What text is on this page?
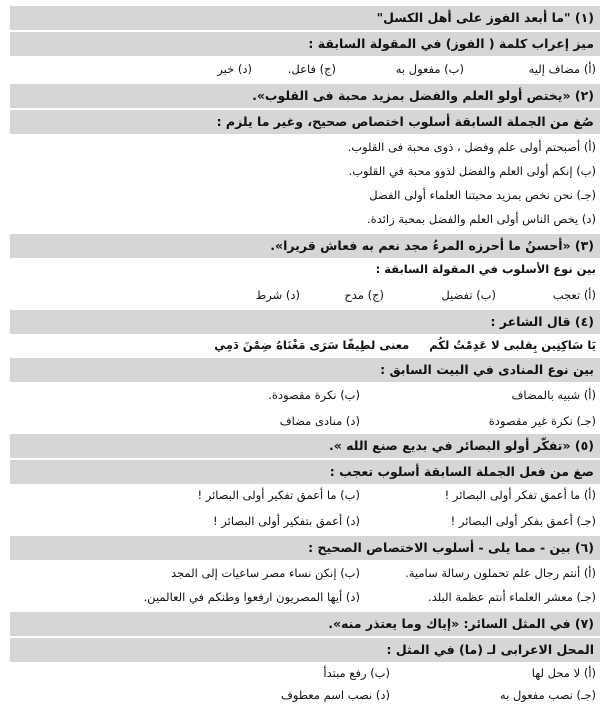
(١) "ما أبعد الفوز على أهل الكسل"
ميز إعراب كلمة ( الفوز) في المقولة السابقة :
(أ) مضاف إليه
(ب) مفعول به
(ج) فاعل.
(د) خبر
(٢) «يختص أولو العلم والفضل بمزيد محبة فى القلوب».
صُغ من الجملة السابقة أسلوب اختصاص صحيح، وغير ما يلزم :
(أ) أصبحتم أولى علم وفضل ، ذوى محبة فى القلوب.
(ب) إنكم أولى العلم والفضل لذوو محبة في القلوب.
(جـ) نحن نخص بمزيد محبتنا العلماء أولى الفضل
(د) يخص الناس أولى العلم والفضل بمحبة زائدة.
(٣) «أحسنُ ما أحرزه المرءُ مجد نعم به فعاش قريرا».
بين نوع الأسلوب في المقولة السابقة :
(أ) تعجب
(ب) تفضيل
(ج) مدح
(د) شرط
(٤) قال الشاعر :
يَا سَاكِنِين بِقلبى لا عَدِمْتُ لكُم     معنى لطِيفًا سَرَى مَغْنَاهُ ضِمْنَ دَمِي
بين نوع المنادى في البيت السابق :
(أ) شبيه بالمضاف
(ب) نكرة مقصودة.
(جـ) نكرة غير مقصودة
(د) منادى مضاف
(٥) «تفكّر أولو البصائر في بديع صنع الله ».
صغ من فعل الجملة السابقة أسلوب تعجب :
(أ) ما أعمق تفكر أولى البصائر !
(ب) ما أعمق تفكير أولى البصائر !
(جـ) أعمق بفكر أولى البصائر !
(د) أعمق بتفكير أولى البصائر !
(٦) بين - مما يلى - أسلوب الاختصاص الصحيح :
(أ) أنتم رجال علم تحملون رسالة سامية.
(ب) إنكن نساء مصر ساعيات إلى المجد
(جـ) معشر العلماء أنتم عظمة البلد.
(د) أيها المصريون ارفعوا وطنكم في العالمين.
(٧) في المثل السائر: «إياك وما يعتذر منه».
المحل الاعرابى لـ (ما) في المثل :
(أ) لا محل لها
(ب) رفع مبتدأ
(جـ) نصب مفعول به
(د) نصب اسم معطوف
